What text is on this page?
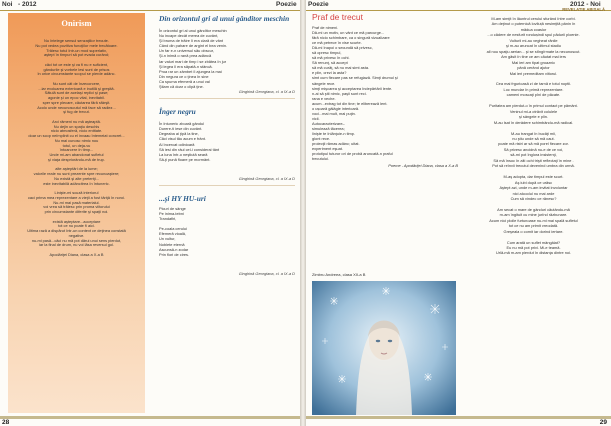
Noi - 2012	Poezie Poezie	2012 - Noi
Onirism
Nu întelege sensul senzaţiilor trecute.
Nu pot vedea pozitiva funcţiilor mele trecătoare.
Trăiesc totul într-un mod superlativ,
aştept în timpuri să pot evada curând;

căci tot ce este şi va fi nu e suficient,
gândurile şi vorbele lesi sunt de prisos
în orice circumstante scopul se pierde adânc.

Nu sunt cât de înzecorcere,
...iar evoluarea exterioară e inutilă şi greşită.
Sătulă sunt de acelaşi replici şi pase;
agonie şi un epoc vital, inevitabil.
sper spre plecare, căutarea fără sfârşit.
Acolo unde necunoscutul mă face să radiez...
şi fug de trecut.

Arci rămeni nu mă aşteaptă.
Nu dejin un spaţiu deschis
nicio atmosferă, nicio entitate.
doar un scop neîmplinit cu el invaau întemeiat concret...
Nu mai cunosc nimic nou
totul, un deja-vu
întoarcere în timp...
Unde mi-am abandonat sufletul
şi viaţa despriorându-mă de trup.

alte aşteptări de la lume;
valorile reale nu sunt prezente spre recunoaştere;
Nu există şi alte preteriţi...
este inevitabilă adâncitrea în întuneric.

Linişte-mi scuză interiorul
caci prima mea reprezentare a vieţii a fost tăriţă în noroi.
Nu-mi mai pasă materialul.
voi vrea să trăiesc prin proma viitorului
prin circumstante diferite şi spaţii noi.

există aşteptare...acceptare
tot ce nu poate fi aici.
Ultima rază a dispărut într-un context ce deţinea constată
negative.
nu-mi pasă...căci nu mă pot dărui unui sens pierdut,
iar la final de drum, nu voi lăsa reversul gol.

Apodăriţei Diana, clasa a X-a B
Din orizontul gri al unui gânditor meschin
În orizontul gri al unui gânditor meschin
Nu incape decât merea de cuvânt,
Şi bruma de trăire îi era clară de vânt
Când din pahare de argint el bea venin.
Un far e-n universul său obscur,
Şi-n inimă o rană prea adâncă
Iar valuri mari de timp i se zbătea în jur
Şi legea îi era săpată-n stâncă.
Proa rar un zâmbet îi ajungea la mai
Din negura ce o ţinea în sine
Ca spuma efemeră a unui val
Ştiam că doar o clipă ţine.
Ginghină Georgiana, cl. a IX-a D
Înger negru
În întuneric zboară gândul
Durere-ti iese din cuvânt.
Degeaba ai ţipă la tine,
Căci visul tău acum e frânt.
Ai încercat odinioară
Să iesi din râul cel-i considerai tânt
La luna într-o neştiută seară
Să-ţi pună floare pe mormânt.
Ginghină Georgiana, cl. a IX-a D
...şi HY HU-uri
Picuri de sânge
Pe inima-tebni
Trandafiri,

Pe-coala cerului
Efemeră vioală,
Un vultur,
Noblete eternă
Ascunsă-n zodar
Prin flori de cires.
Ginghină Georgiana, cl. a IX-a D
Praf de trecut
Praf de nimeni.
Dă-mi un motiv, un vânt ce mă parcurge...
fără nicio schimbare, ca o singură vizualizare
ce mă petrece în vise scurte.
Dă-mi înapoi o secundă să privesc,
să opresc timpul,
să mă privesc în ochi.
Să renunţ, să accept
să mă curăţ, să nu mai simt asta.
e plin, crezi la asta?
simt cum fiecare pas se refugiază. Simţi drumul şi
sângele rece.
simţi mişcarea şi acceptarea îndepărtării lente.
n-ai să ştii nimic, paşii sunt reci.
rana e veche.
acum...extrag tot din tine; te eliberează lent.
o ușoară gâlâgie interioară.
voci...mai mult, mai puţin.
vicii.
Autocaracterizare–
simulează tăcerea;
linişte te înlănţuie-n timp.
glont rece.
proiecţii rămas adânc; uitat.
experiment eşuat.
prototipul tuturor ori de probă aruncată-n praful
trecutului.
Poeme - Apodăriţei Diana, clasa a X-a B
Zimbru Andreea, clasa XII-a B
REVELATIE ABISALĂ
M-am simţit în lăuntrul cerului sfurând între corbi.
Am deţinut o puternică loviluță nesimţită pânin în
mădua coaslor
...o cădere de nesfurit rondușindi spul pădurii ploenie.
Vulturii mi-au vegheat rănile
şi m-au aruncat în ultimul stadiu
all nou spaţiu aerian... şi se stîngîrmate la necunoscut.
Am găsit în tine ce am căutat mai iers
Mai ieri am tipat groaznic
până cerând ajutor
Mai ieri premeditam viitorul.

Cea mai frgurioasă zi de tarnă e totul noptii.
Loc mundar în primă reprezentare.
cameni moscaţi pîni de păcate.

Puritatea am pierdut-o în primul contact pe pământ.
Veninul mi-a otrăvit colulele
şi sângele e plin.
M-au lsat în derâdere schimbându-mă radical.

M-au trangat în bucăţi mii,
nu ştiu unde să mă caut.
poate mă ristri ar să mă porel fiecare zor.
Să privesc ancidnă nu-e de ce voi,
să-mi pot înglora insistenţi,
Să mă însoc în alti ochi trişti reflectaţi în mine .
Pot să reînvii trecutul devenind umbra din urmă.

M-aş adopta, dar timpul este scurt.
Aş iubi după ce urăsc
Aştept azi, unde m-am invitat involuntar
nici alcoolul nu mai arde
Cum să vindec ce rănesc?

Am secat o mare de gânduri căutându-mă
m-am îngituit cu mine jurînd răzbunare.
Acum nici ploile furtunoase nu-mi mai spală sufletul
tot ce nu am primit vreodată.
Greşeala o comit iar dorind iertare.

Cum arată un suflet mângâiat?
Eu nu mă pot privi. Mi-e teamă.
Urlă-mă m-am pierdut în distanţa dintre noi.
28	29
